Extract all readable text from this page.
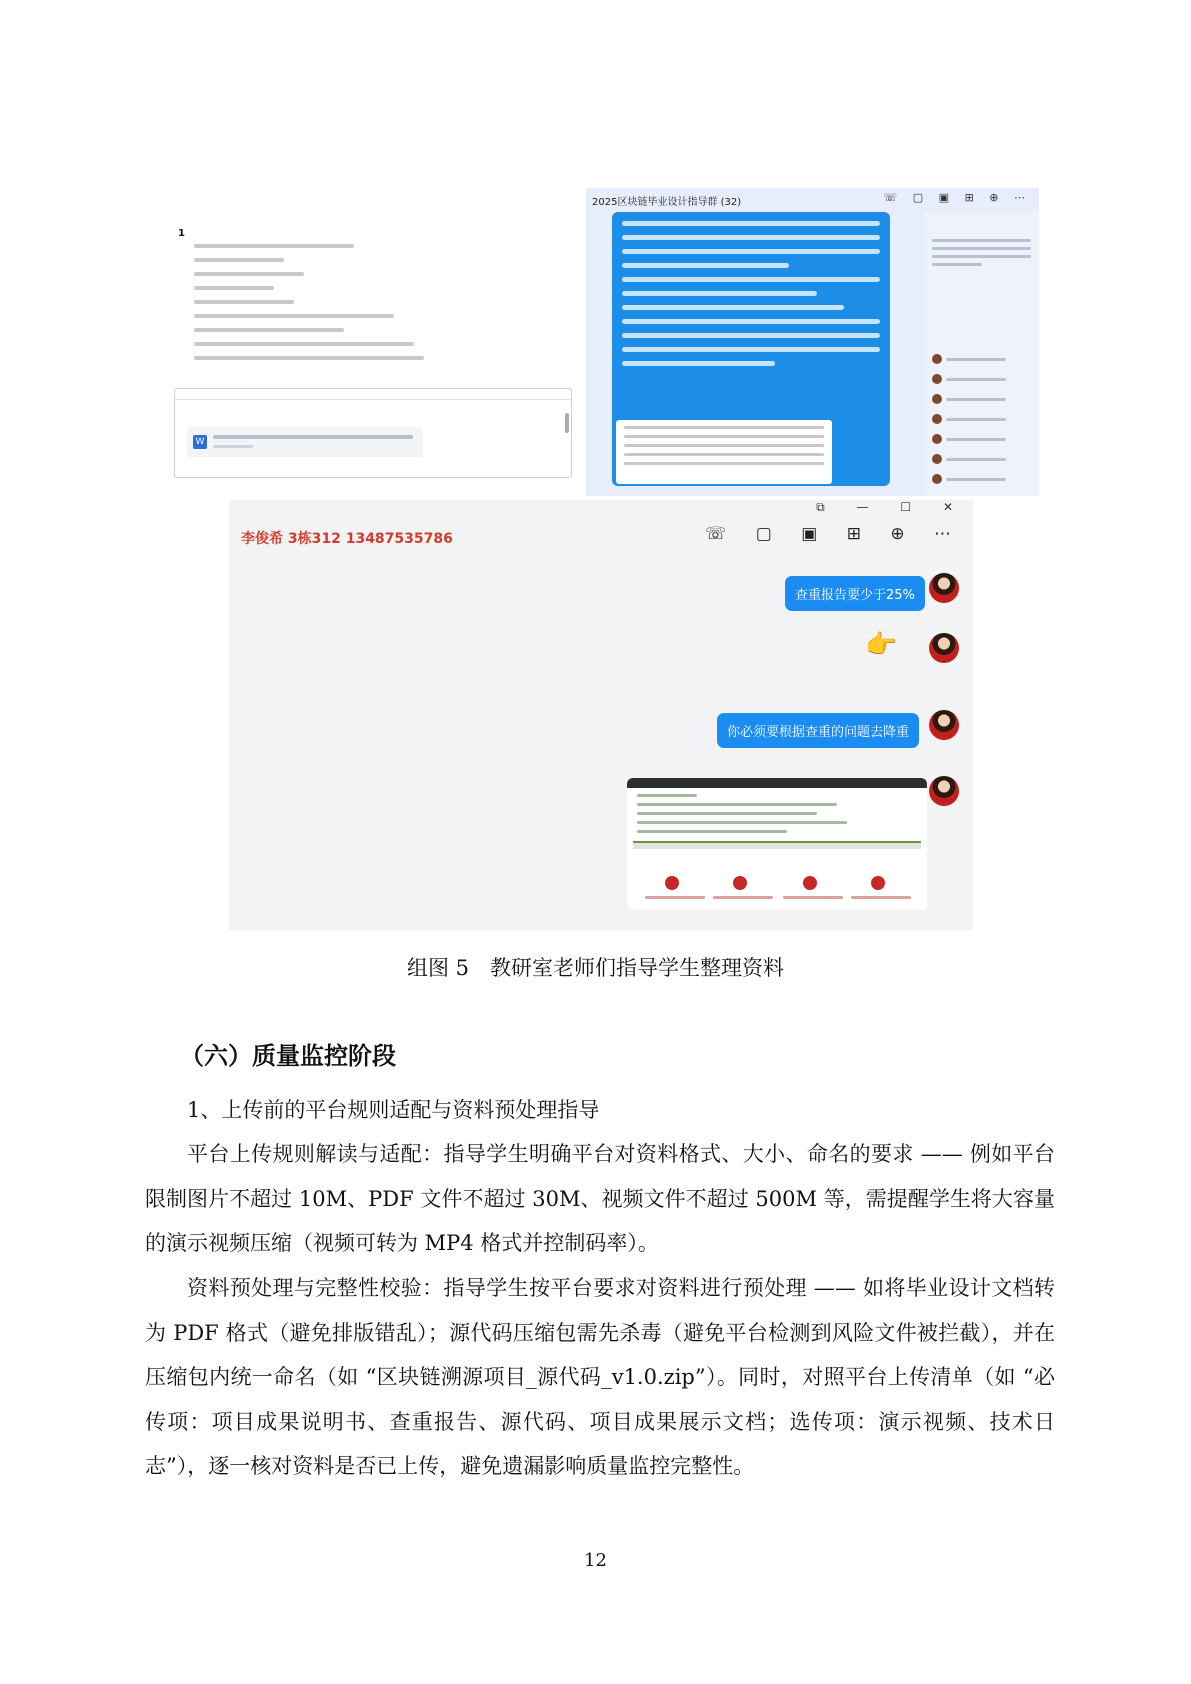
1
W
2025区块链毕业设计指导群 (32)	☏ ▢ ▣ ⊞ ⊕ ⋯
⧉ — ☐ ✕
李俊希 3栋312 13487535786	☏ ▢ ▣ ⊞ ⊕ ⋯
查重报告要少于25%
👉
你必须要根据查重的问题去降重
组图 5　教研室老师们指导学生整理资料
（六）质量监控阶段
1、上传前的平台规则适配与资料预处理指导
平台上传规则解读与适配：指导学生明确平台对资料格式、大小、命名的要求 —— 例如平台限制图片不超过 10M、PDF 文件不超过 30M、视频文件不超过 500M 等，需提醒学生将大容量的演示视频压缩（视频可转为 MP4 格式并控制码率）。
资料预处理与完整性校验：指导学生按平台要求对资料进行预处理 —— 如将毕业设计文档转为 PDF 格式（避免排版错乱）；源代码压缩包需先杀毒（避免平台检测到风险文件被拦截），并在压缩包内统一命名（如 “区块链溯源项目_源代码_v1.0.zip”）。同时，对照平台上传清单（如 “必传项：项目成果说明书、查重报告、源代码、项目成果展示文档；选传项：演示视频、技术日志”），逐一核对资料是否已上传，避免遗漏影响质量监控完整性。
12
